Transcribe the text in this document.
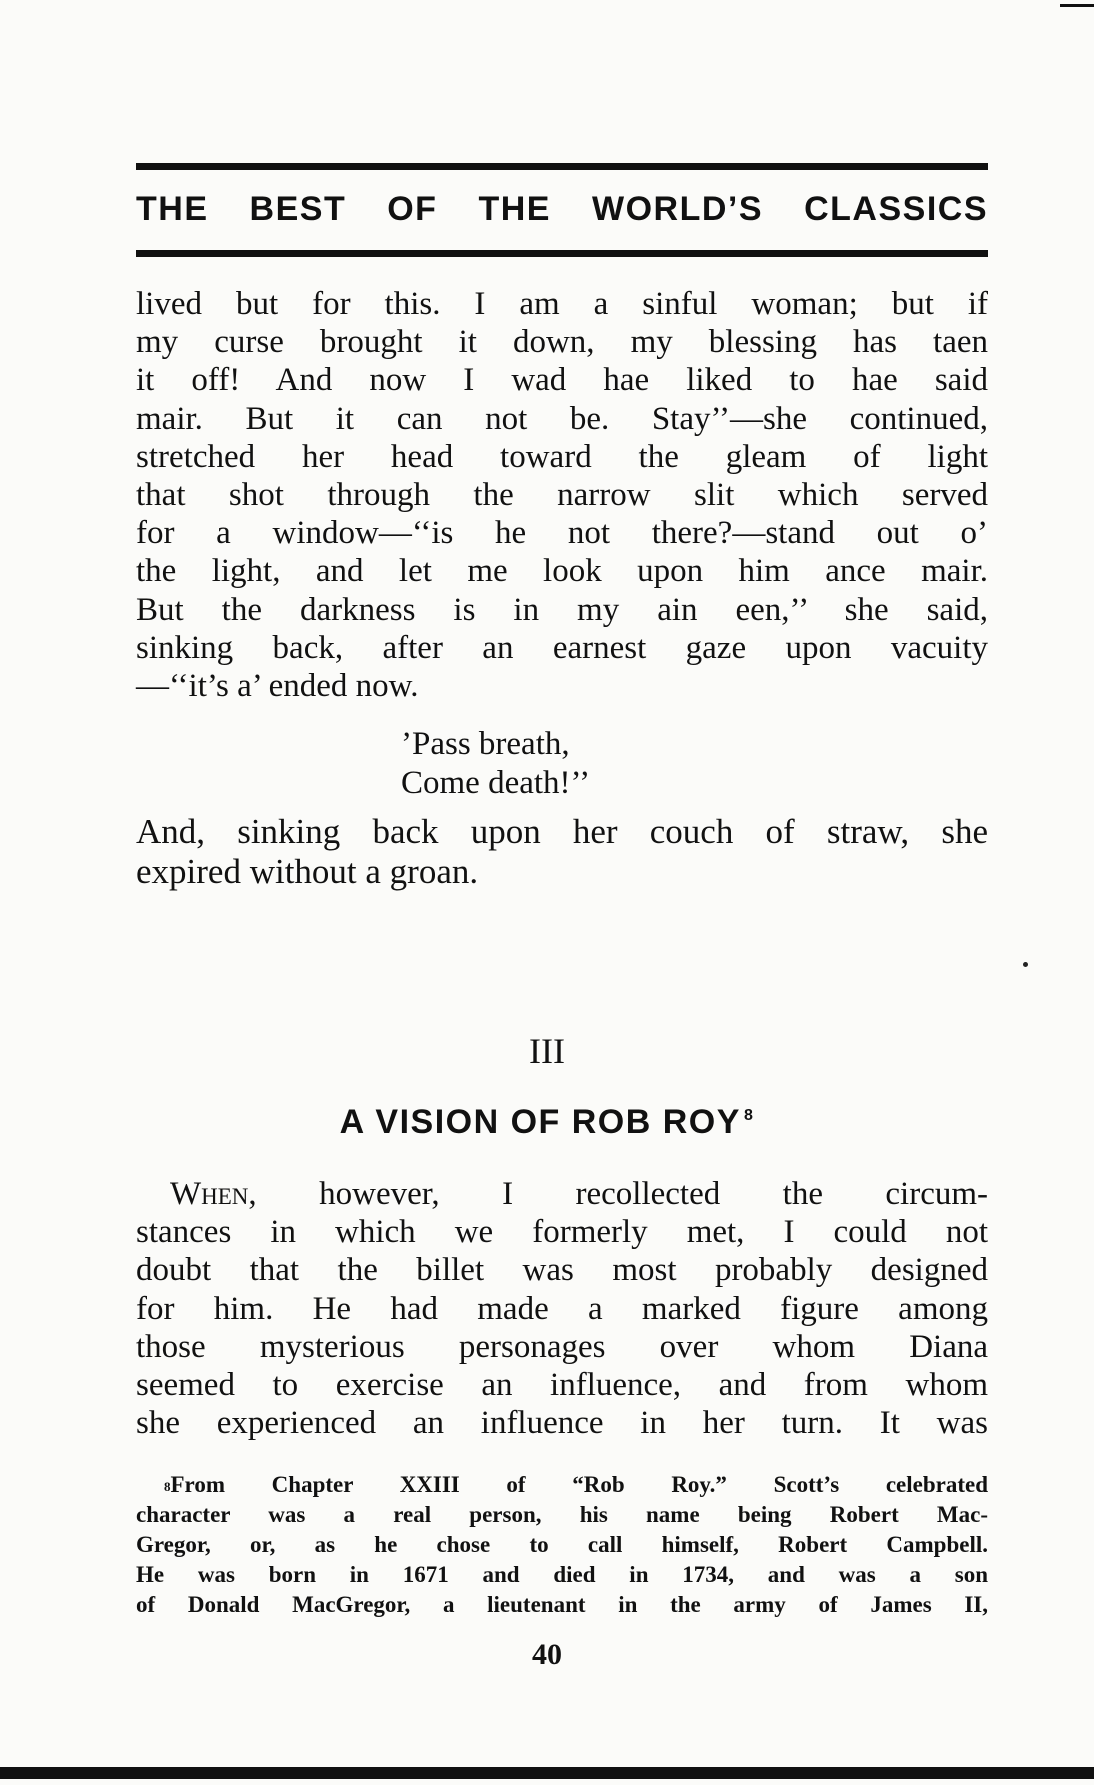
THE BEST OF THE WORLD’S CLASSICS
lived but for this. I am a sinful woman; but if
my curse brought it down, my blessing has taen
it off! And now I wad hae liked to hae said
mair. But it can not be. Stay’’—she continued,
stretched her head toward the gleam of light
that shot through the narrow slit which served
for a window—‘‘is he not there?—stand out o’
the light, and let me look upon him ance mair.
But the darkness is in my ain een,’’ she said,
sinking back, after an earnest gaze upon vacuity
—‘‘it’s a’ ended now.
’Pass breath,
Come death!’’
And, sinking back upon her couch of straw, she
expired without a groan.
III
A VISION OF ROB ROY $^8$
When, however, I recollected the circum-
stances in which we formerly met, I could not
doubt that the billet was most probably designed
for him. He had made a marked figure among
those mysterious personages over whom Diana
seemed to exercise an influence, and from whom
she experienced an influence in her turn. It was
$^8$From Chapter XXIII of “Rob Roy.” Scott’s celebrated
character was a real person, his name being Robert Mac-
Gregor, or, as he chose to call himself, Robert Campbell.
He was born in 1671 and died in 1734, and was a son
of Donald MacGregor, a lieutenant in the army of James II,
40
